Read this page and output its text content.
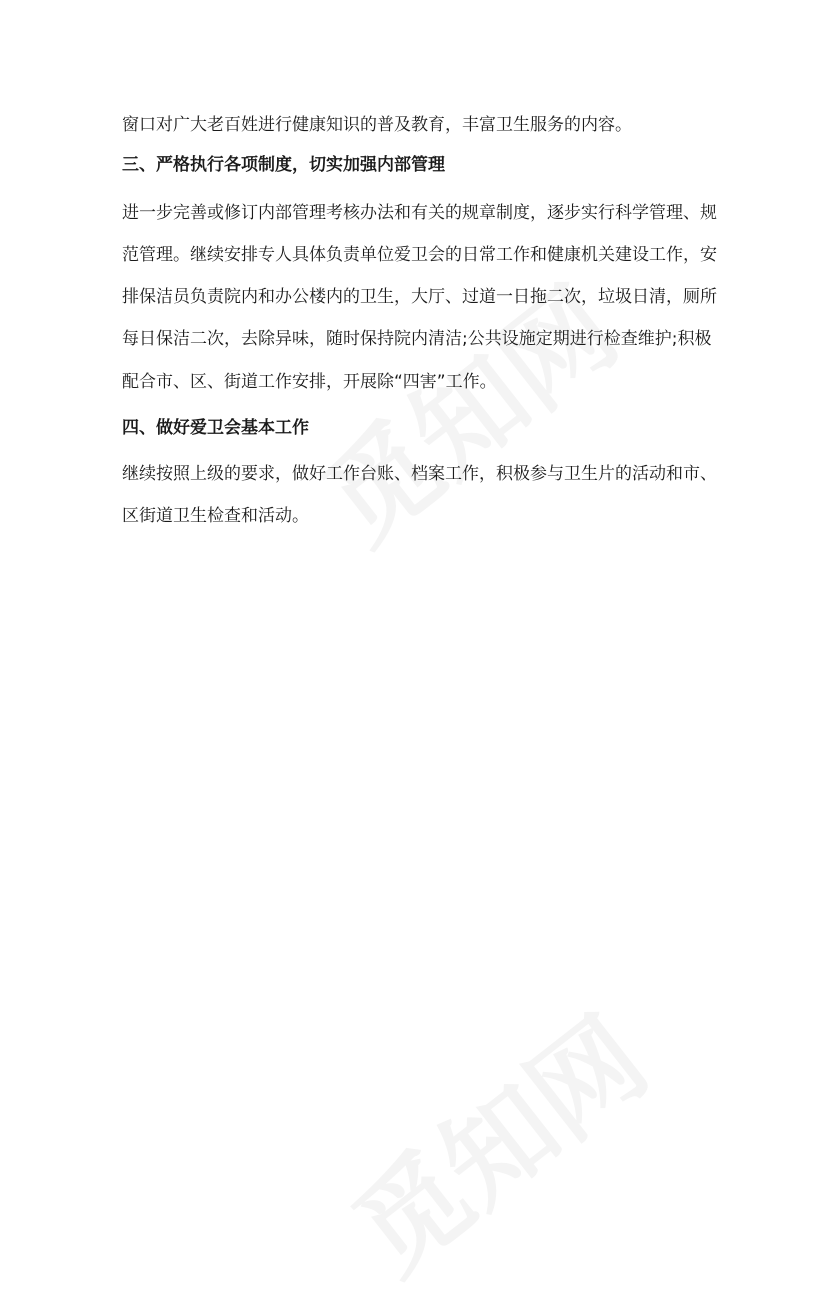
窗口对广大老百姓进行健康知识的普及教育，丰富卫生服务的内容。
三、严格执行各项制度，切实加强内部管理
进一步完善或修订内部管理考核办法和有关的规章制度，逐步实行科学管理、规
范管理。继续安排专人具体负责单位爱卫会的日常工作和健康机关建设工作，安
排保洁员负责院内和办公楼内的卫生，大厅、过道一日拖二次，垃圾日清，厕所
每日保洁二次，去除异味，随时保持院内清洁;公共设施定期进行检查维护;积极
配合市、区、街道工作安排，开展除“四害”工作。
四、做好爱卫会基本工作
继续按照上级的要求，做好工作台账、档案工作，积极参与卫生片的活动和市、
区街道卫生检查和活动。
